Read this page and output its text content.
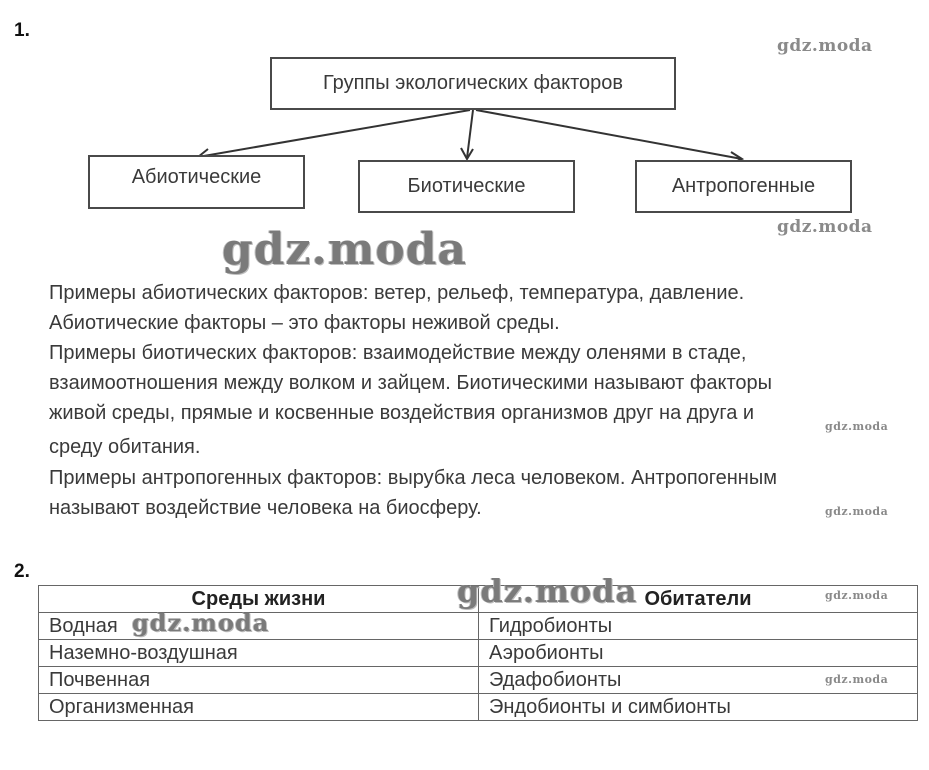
1.
Группы экологических факторов
Абиотические	Биотические	Антропогенные
gdz.moda
gdz.moda
gdz.moda
gdz.moda
gdz.moda
Примеры абиотических факторов: ветер, рельеф, температура, давление.
Абиотические факторы – это факторы неживой среды.
Примеры биотических факторов: взаимодействие между оленями в стаде,
взаимоотношения между волком и зайцем. Биотическими называют факторы
живой среды, прямые и косвенные воздействия организмов друг на друга и
среду обитания.
Примеры антропогенных факторов: вырубка леса человеком. Антропогенным
называют воздействие человека на биосферу.
2.
Среды жизни	Обитатели
Водная	Гидробионты
Наземно-воздушная	Аэробионты
Почвенная	Эдафобионты
Организменная	Эндобионты и симбионты
gdz.moda
gdz.moda
gdz.moda
gdz.moda
